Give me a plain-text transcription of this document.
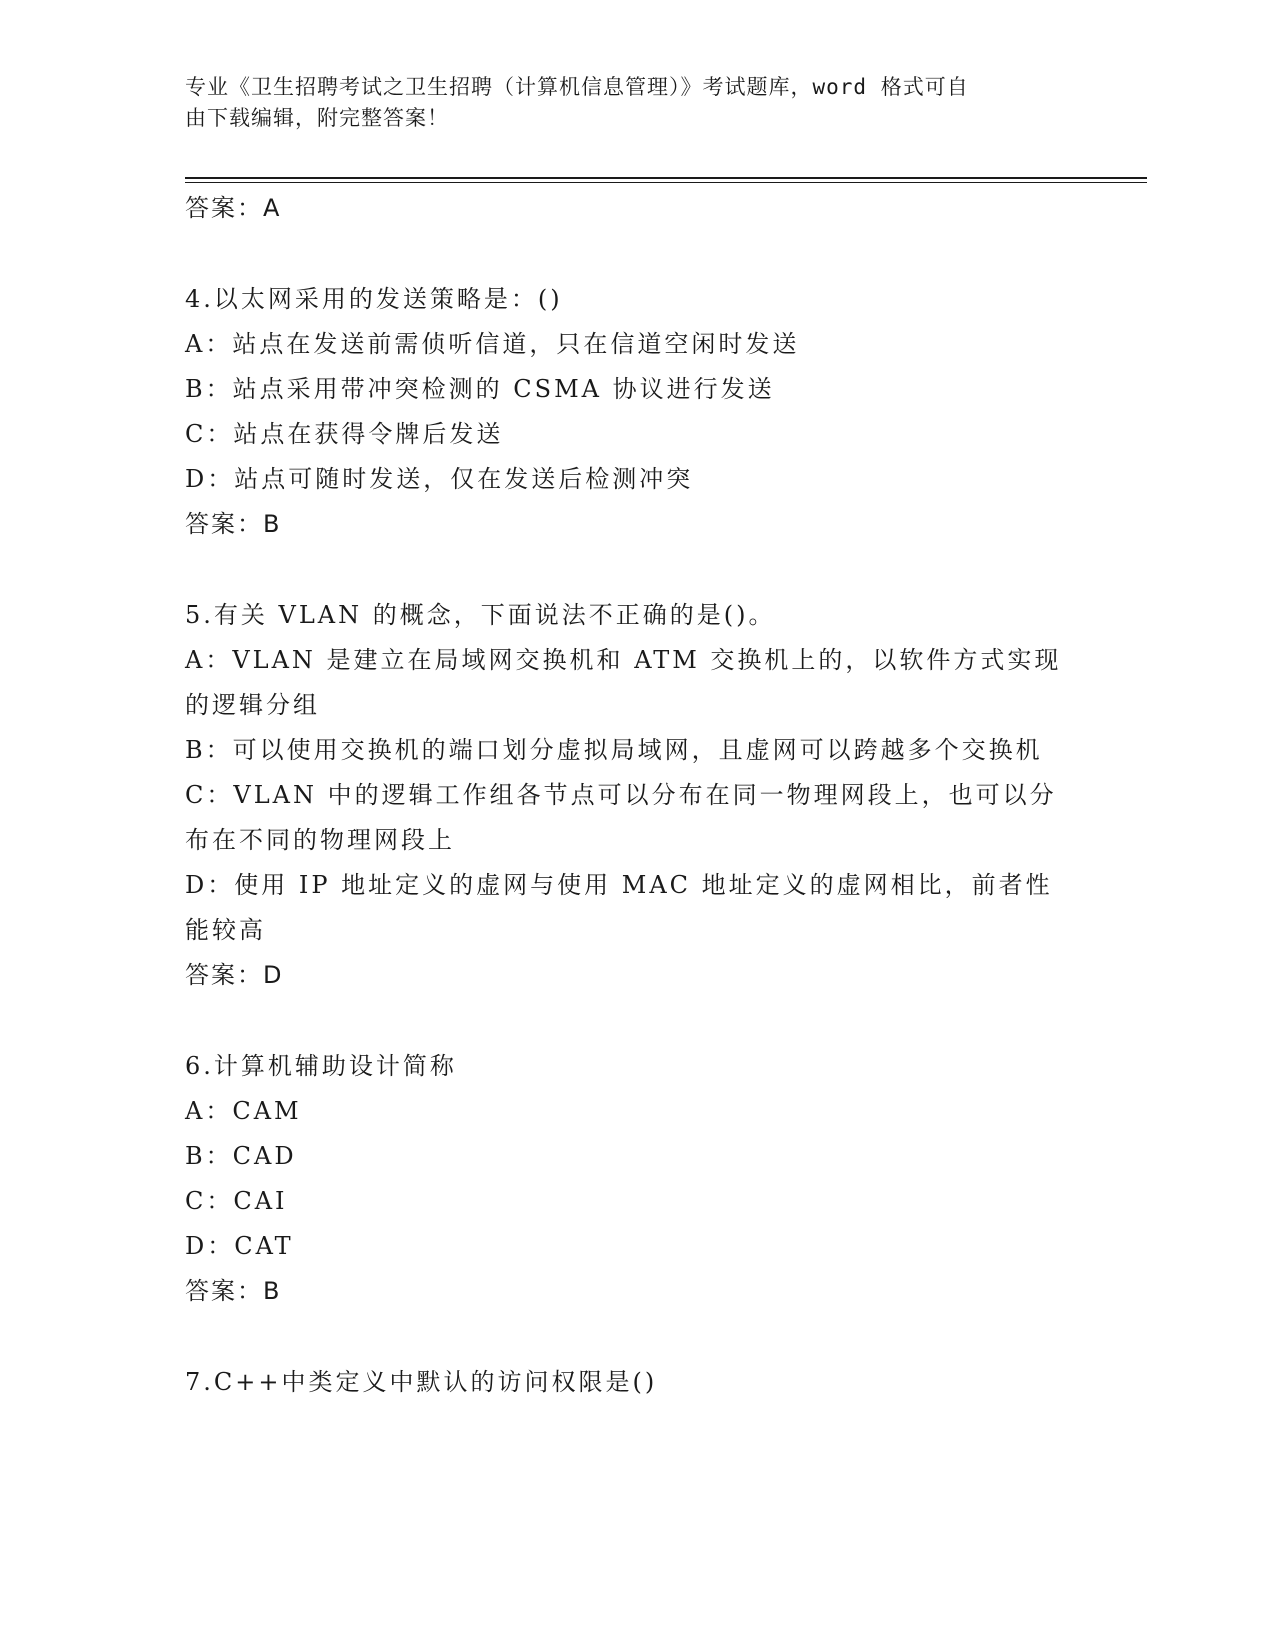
专业《卫生招聘考试之卫生招聘（计算机信息管理）》考试题库，word 格式可自
由下载编辑，附完整答案！

答案：A

4.以太网采用的发送策略是：()

A：站点在发送前需侦听信道，只在信道空闲时发送

B：站点采用带冲突检测的 CSMA 协议进行发送

C：站点在获得令牌后发送

D：站点可随时发送，仅在发送后检测冲突

答案：B

5.有关 VLAN 的概念，下面说法不正确的是()。

A：VLAN 是建立在局域网交换机和 ATM 交换机上的，以软件方式实现的逻辑分组

B：可以使用交换机的端口划分虚拟局域网，且虚网可以跨越多个交换机

C：VLAN 中的逻辑工作组各节点可以分布在同一物理网段上，也可以分布在不同的物理网段上

D：使用 IP 地址定义的虚网与使用 MAC 地址定义的虚网相比，前者性能较高

答案：D

6.计算机辅助设计简称

A：CAM

B：CAD

C：CAI

D：CAT

答案：B

7.C++中类定义中默认的访问权限是()
